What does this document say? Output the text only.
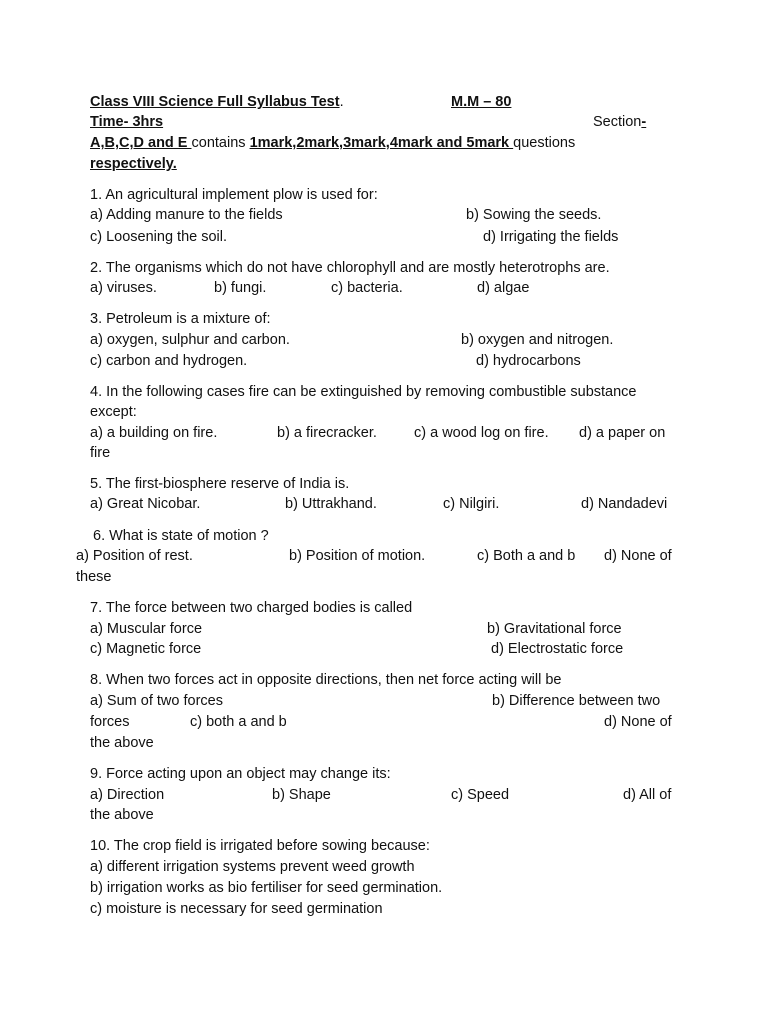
Class VIII Science Full Syllabus Test.	M.M – 80
Time- 3hrs	Section-
A,B,C,D and E contains 1mark,2mark,3mark,4mark and 5mark questions
respectively.
1. An agricultural implement plow is used for:
a) Adding manure to the fields	b) Sowing the seeds.
c) Loosening the soil.	d) Irrigating the fields
2. The organisms which do not have chlorophyll and are mostly heterotrophs are.
a) viruses.	b) fungi.	c) bacteria.	d) algae
3. Petroleum is a mixture of:
a) oxygen, sulphur and carbon.	b) oxygen and nitrogen.
c) carbon and hydrogen.	d) hydrocarbons
4. In the following cases fire can be extinguished by removing combustible substance
except:
a) a building on fire.	b) a firecracker.	c) a wood log on fire. d) a paper on
fire
5. The first-biosphere reserve of India is.
a) Great Nicobar.	b) Uttrakhand.	c) Nilgiri.	d) Nandadevi
6. What is state of motion ?
a) Position of rest.	b) Position of motion.	c) Both a and b d) None of
these
7. The force between two charged bodies is called
a) Muscular force	b) Gravitational force
c) Magnetic force	d) Electrostatic force
8. When two forces act in opposite directions, then net force acting will be
a) Sum of two forces	b) Difference between two
forces	c) both a and b	d) None of
the above
9. Force acting upon an object may change its:
a) Direction	b) Shape	c) Speed	d) All of
the above
10. The crop field is irrigated before sowing because:
a) different irrigation systems prevent weed growth
b) irrigation works as bio fertiliser for seed germination.
c) moisture is necessary for seed germination
